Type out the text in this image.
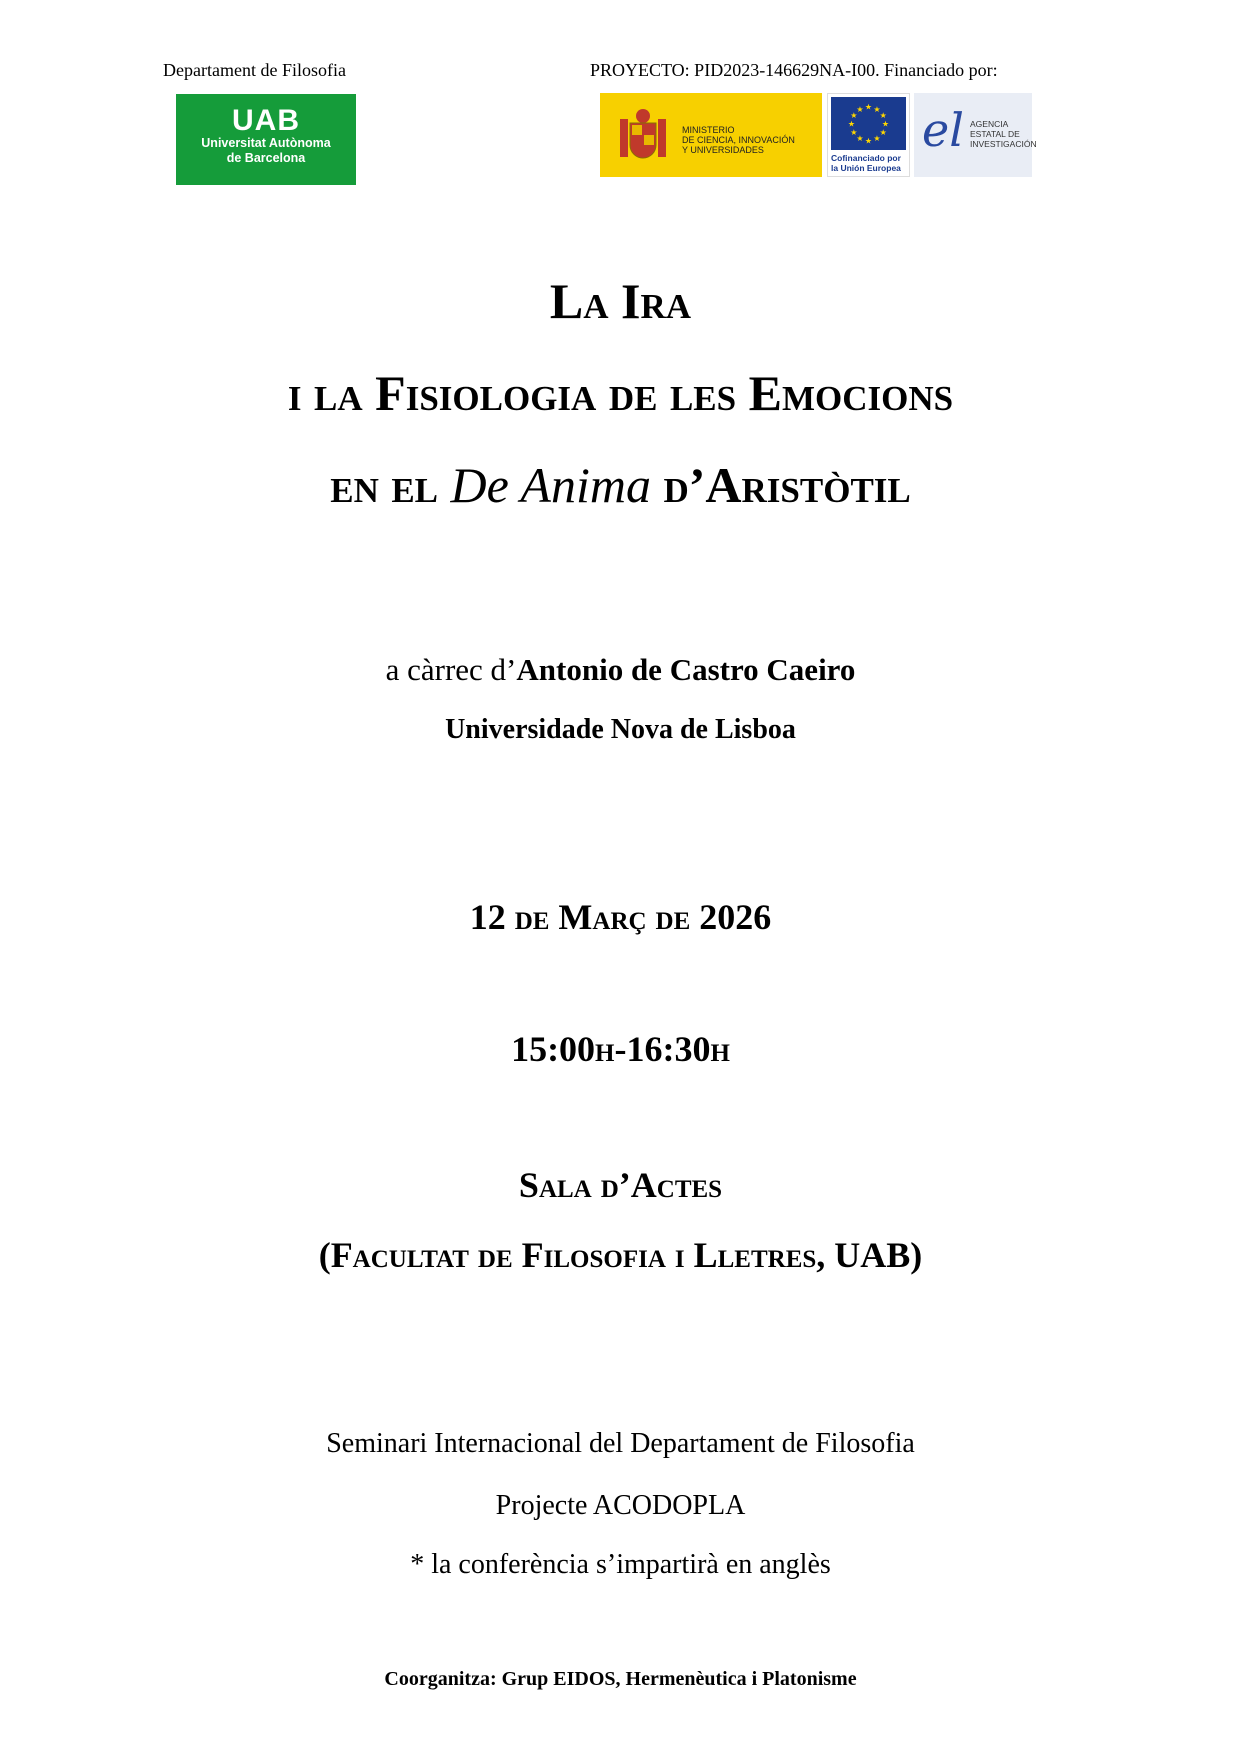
Departament de Filosofia	PROYECTO: PID2023-146629NA-I00. Financiado por:
UAB
Universitat Autònoma
de Barcelona
MINISTERIO
DE CIENCIA, INNOVACIÓN
Y UNIVERSIDADES
★ ★
★
★
★
★
★
★
★
★
★
★
Cofinanciado por
la Unión Europea
el AGENCIA
ESTATAL DE
INVESTIGACIÓN
La Ira
i la Fisiologia de les Emocions
en el De Anima d’Aristòtil
a càrrec d’Antonio de Castro Caeiro
Universidade Nova de Lisboa
12 de Març de 2026
15:00h-16:30h
Sala d’Actes
(Facultat de Filosofia i Lletres, UAB)
Seminari Internacional del Departament de Filosofia
Projecte ACODOPLA
* la conferència s’impartirà en anglès
Coorganitza: Grup EIDOS, Hermenèutica i Platonisme
